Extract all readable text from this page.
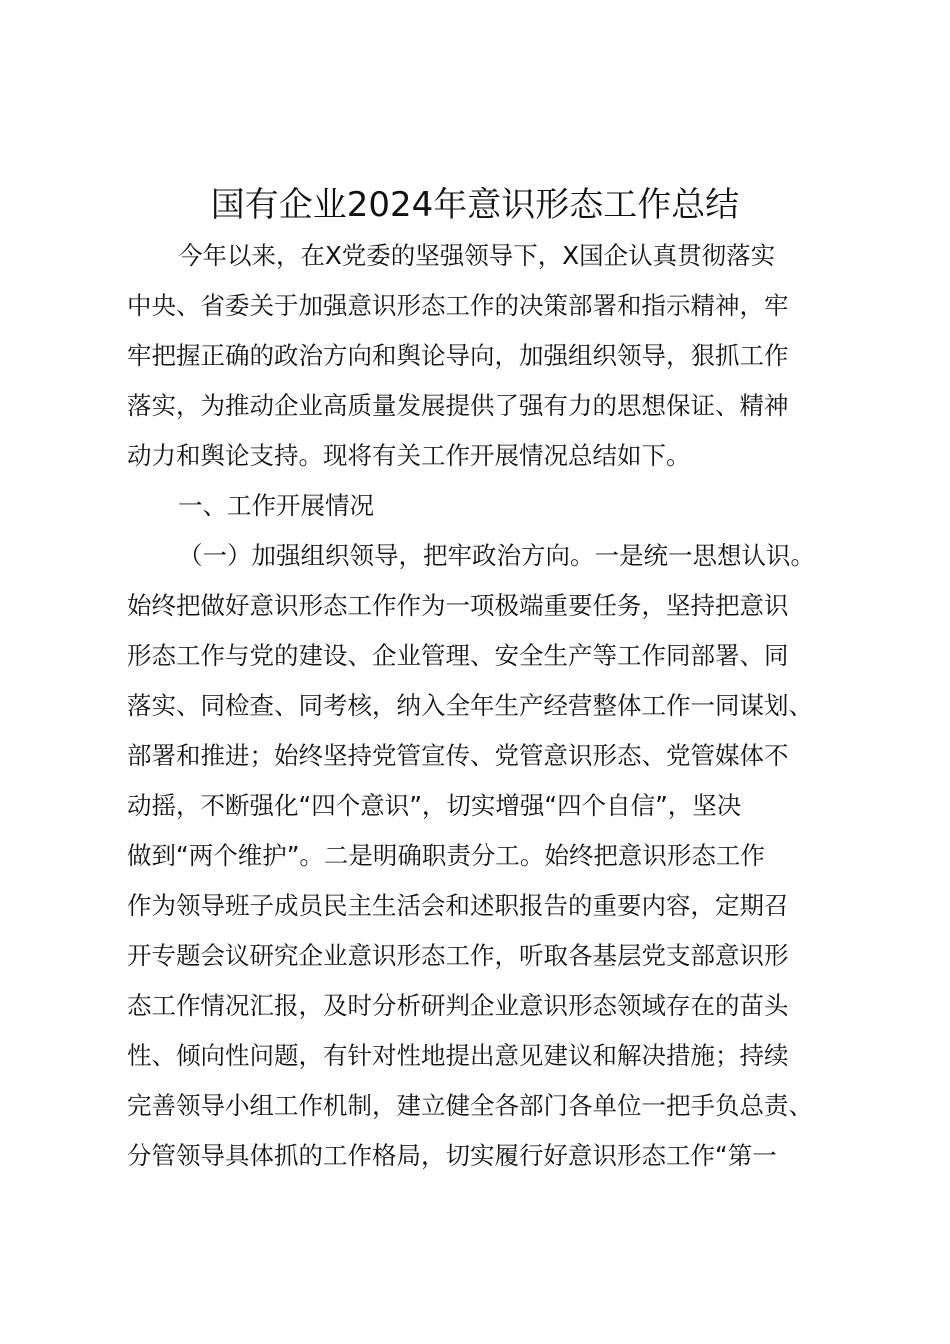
国有企业2024年意识形态工作总结
今年以来，在X党委的坚强领导下，X国企认真贯彻落实
中央、省委关于加强意识形态工作的决策部署和指示精神，牢
牢把握正确的政治方向和舆论导向，加强组织领导，狠抓工作
落实，为推动企业高质量发展提供了强有力的思想保证、精神
动力和舆论支持。现将有关工作开展情况总结如下。
一、工作开展情况
（一）加强组织领导，把牢政治方向。一是统一思想认识。
始终把做好意识形态工作作为一项极端重要任务，坚持把意识
形态工作与党的建设、企业管理、安全生产等工作同部署、同
落实、同检查、同考核，纳入全年生产经营整体工作一同谋划、
部署和推进；始终坚持党管宣传、党管意识形态、党管媒体不
动摇，不断强化“四个意识”，切实增强“四个自信”，坚决
做到“两个维护”。二是明确职责分工。始终把意识形态工作
作为领导班子成员民主生活会和述职报告的重要内容，定期召
开专题会议研究企业意识形态工作，听取各基层党支部意识形
态工作情况汇报，及时分析研判企业意识形态领域存在的苗头
性、倾向性问题，有针对性地提出意见建议和解决措施；持续
完善领导小组工作机制，建立健全各部门各单位一把手负总责、
分管领导具体抓的工作格局，切实履行好意识形态工作“第一
